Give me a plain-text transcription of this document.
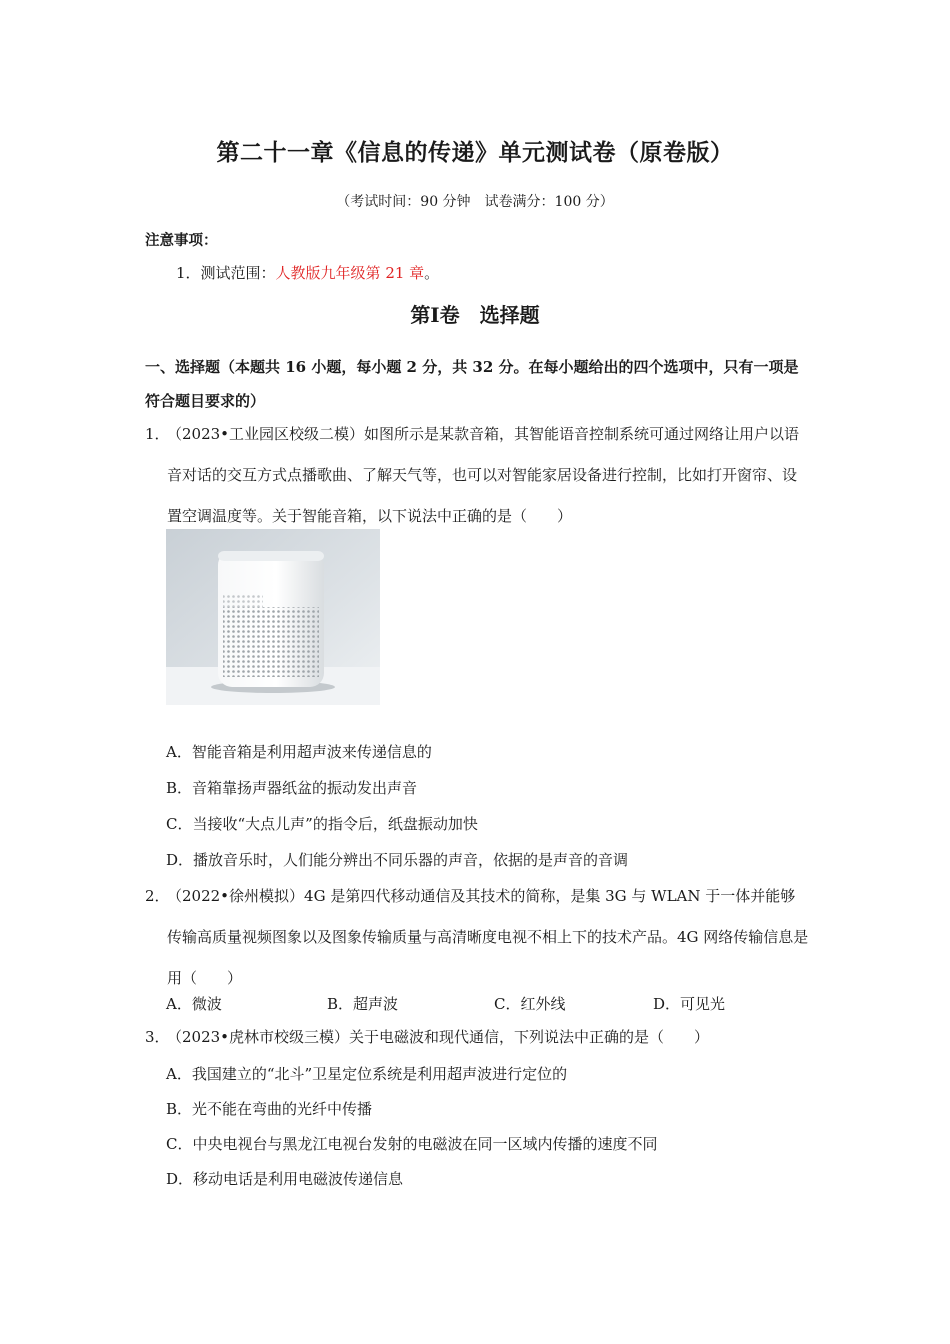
第二十一章《信息的传递》单元测试卷（原卷版）
（考试时间：90 分钟　试卷满分：100 分）
注意事项：
1．测试范围：人教版九年级第 21 章。
第Ⅰ卷　选择题
一、选择题（本题共 16 小题，每小题 2 分，共 32 分。在每小题给出的四个选项中，只有一项是符合题目要求的）
1．
（2023•工业园区校级二模）如图所示是某款音箱，其智能语音控制系统可通过网络让用户以语音对话的交互方式点播歌曲、了解天气等，也可以对智能家居设备进行控制，比如打开窗帘、设置空调温度等。关于智能音箱，以下说法中正确的是（　　）
A．智能音箱是利用超声波来传递信息的
B．音箱靠扬声器纸盆的振动发出声音
C．当接收“大点儿声”的指令后，纸盘振动加快
D．播放音乐时，人们能分辨出不同乐器的声音，依据的是声音的音调
2．
（2022•徐州模拟）4G 是第四代移动通信及其技术的简称，是集 3G 与 WLAN 于一体并能够传输高质量视频图象以及图象传输质量与高清晰度电视不相上下的技术产品。4G 网络传输信息是用（　　）
A．微波	B．超声波	C．红外线	D．可见光
3．
（2023•虎林市校级三模）关于电磁波和现代通信，下列说法中正确的是（　　）
A．我国建立的“北斗”卫星定位系统是利用超声波进行定位的
B．光不能在弯曲的光纤中传播
C．中央电视台与黑龙江电视台发射的电磁波在同一区域内传播的速度不同
D．移动电话是利用电磁波传递信息
